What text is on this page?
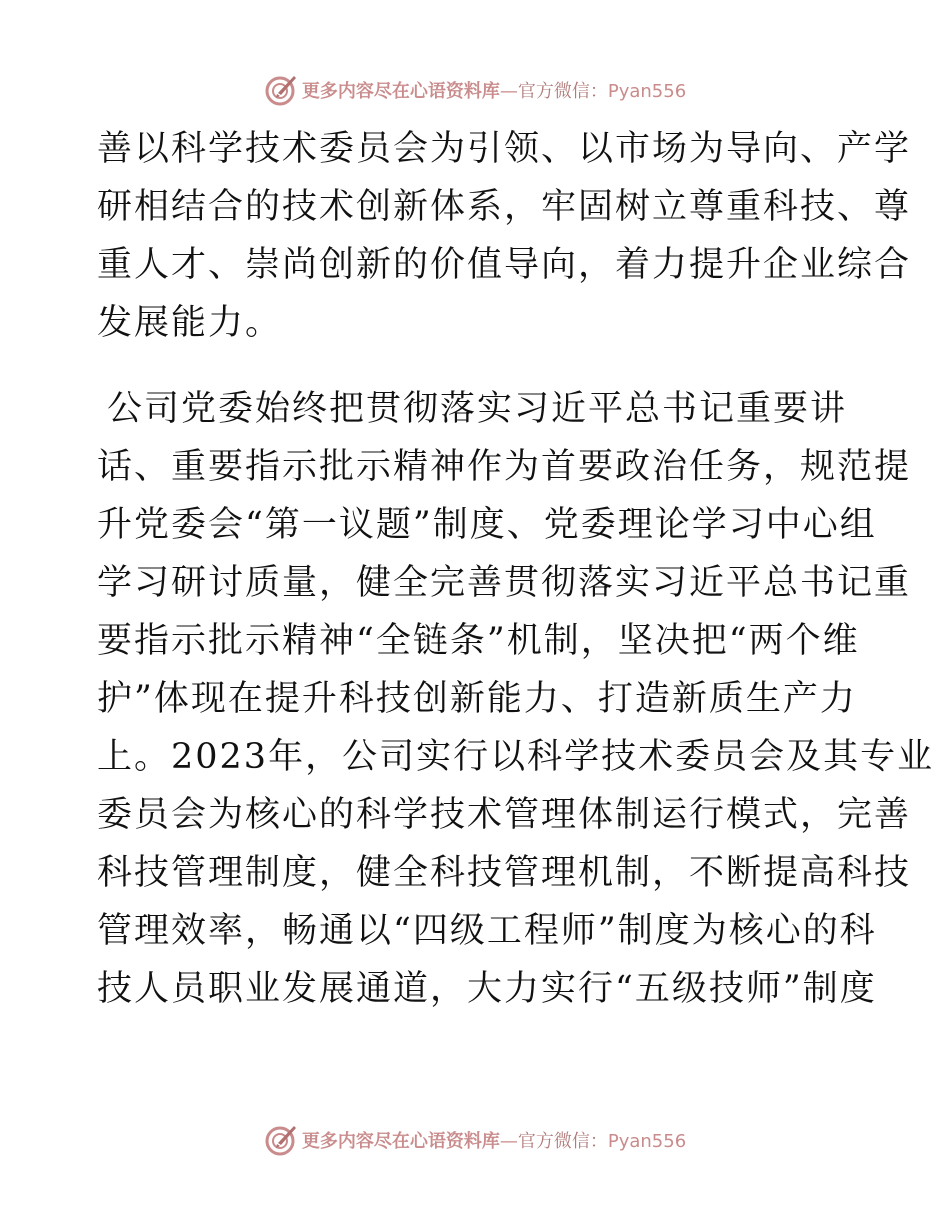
更多内容尽在心语资料库—官方微信：Pyan556
善以科学技术委员会为引领、以市场为导向、产学
研相结合的技术创新体系，牢固树立尊重科技、尊
重人才、崇尚创新的价值导向，着力提升企业综合
发展能力。
公司党委始终把贯彻落实习近平总书记重要讲
话、重要指示批示精神作为首要政治任务，规范提
升党委会“第一议题”制度、党委理论学习中心组
学习研讨质量，健全完善贯彻落实习近平总书记重
要指示批示精神“全链条”机制，坚决把“两个维
护”体现在提升科技创新能力、打造新质生产力
上。2023年，公司实行以科学技术委员会及其专业
委员会为核心的科学技术管理体制运行模式，完善
科技管理制度，健全科技管理机制，不断提高科技
管理效率，畅通以“四级工程师”制度为核心的科
技人员职业发展通道，大力实行“五级技师”制度
更多内容尽在心语资料库—官方微信：Pyan556
